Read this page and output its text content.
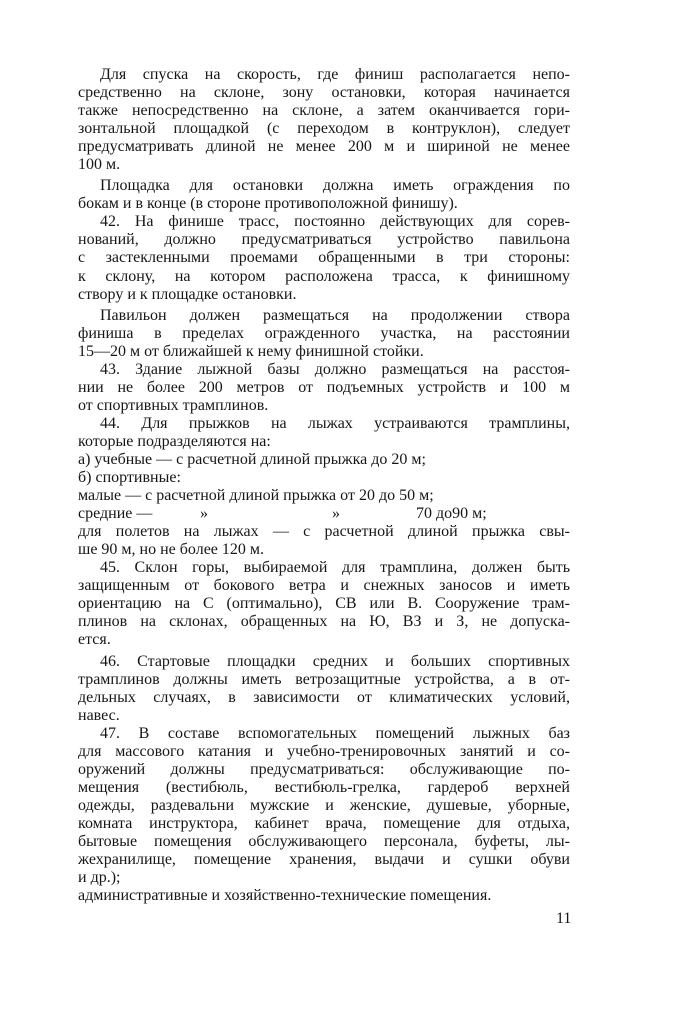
Для спуска на скорость, где финиш располагается непо-
средственно на склоне, зону остановки, которая начинается
также непосредственно на склоне, а затем оканчивается гори-
зонтальной площадкой (с переходом в контруклон), следует
предусматривать длиной не менее 200 м и шириной не менее
100 м.
Площадка для остановки должна иметь ограждения по
бокам и в конце (в стороне противоположной финишу).
42. На финише трасс, постоянно действующих для сорев-
нований, должно предусматриваться устройство павильона
с застекленными проемами обращенными в три стороны:
к склону, на котором расположена трасса, к финишному
створу и к площадке остановки.
Павильон должен размещаться на продолжении створа
финиша в пределах огражденного участка, на расстоянии
15—20 м от ближайшей к нему финишной стойки.
43. Здание лыжной базы должно размещаться на расстоя-
нии не более 200 метров от подъемных устройств и 100 м
от спортивных трамплинов.
44. Для прыжков на лыжах устраиваются трамплины,
которые подразделяются на:
а) учебные — с расчетной длиной прыжка до 20 м;
б) спортивные:
малые — с расчетной длиной прыжка от 20 до 50 м;
средние —	»	»	70 до90 м;
для полетов на лыжах — с расчетной длиной прыжка свы-
ше 90 м, но не более 120 м.
45. Склон горы, выбираемой для трамплина, должен быть
защищенным от бокового ветра и снежных заносов и иметь
ориентацию на С (оптимально), СВ или В. Сооружение трам-
плинов на склонах, обращенных на Ю, ВЗ и З, не допуска-
ется.
46. Стартовые площадки средних и больших спортивных
трамплинов должны иметь ветрозащитные устройства, а в от-
дельных случаях, в зависимости от климатических условий,
навес.
47. В составе вспомогательных помещений лыжных баз
для массового катания и учебно-тренировочных занятий и со-
оружений должны предусматриваться: обслуживающие по-
мещения (вестибюль, вестибюль-грелка, гардероб верхней
одежды, раздевальни мужские и женские, душевые, уборные,
комната инструктора, кабинет врача, помещение для отдыха,
бытовые помещения обслуживающего персонала, буфеты, лы-
жехранилище, помещение хранения, выдачи и сушки обуви
и др.);
административные и хозяйственно-технические помещения.
11
